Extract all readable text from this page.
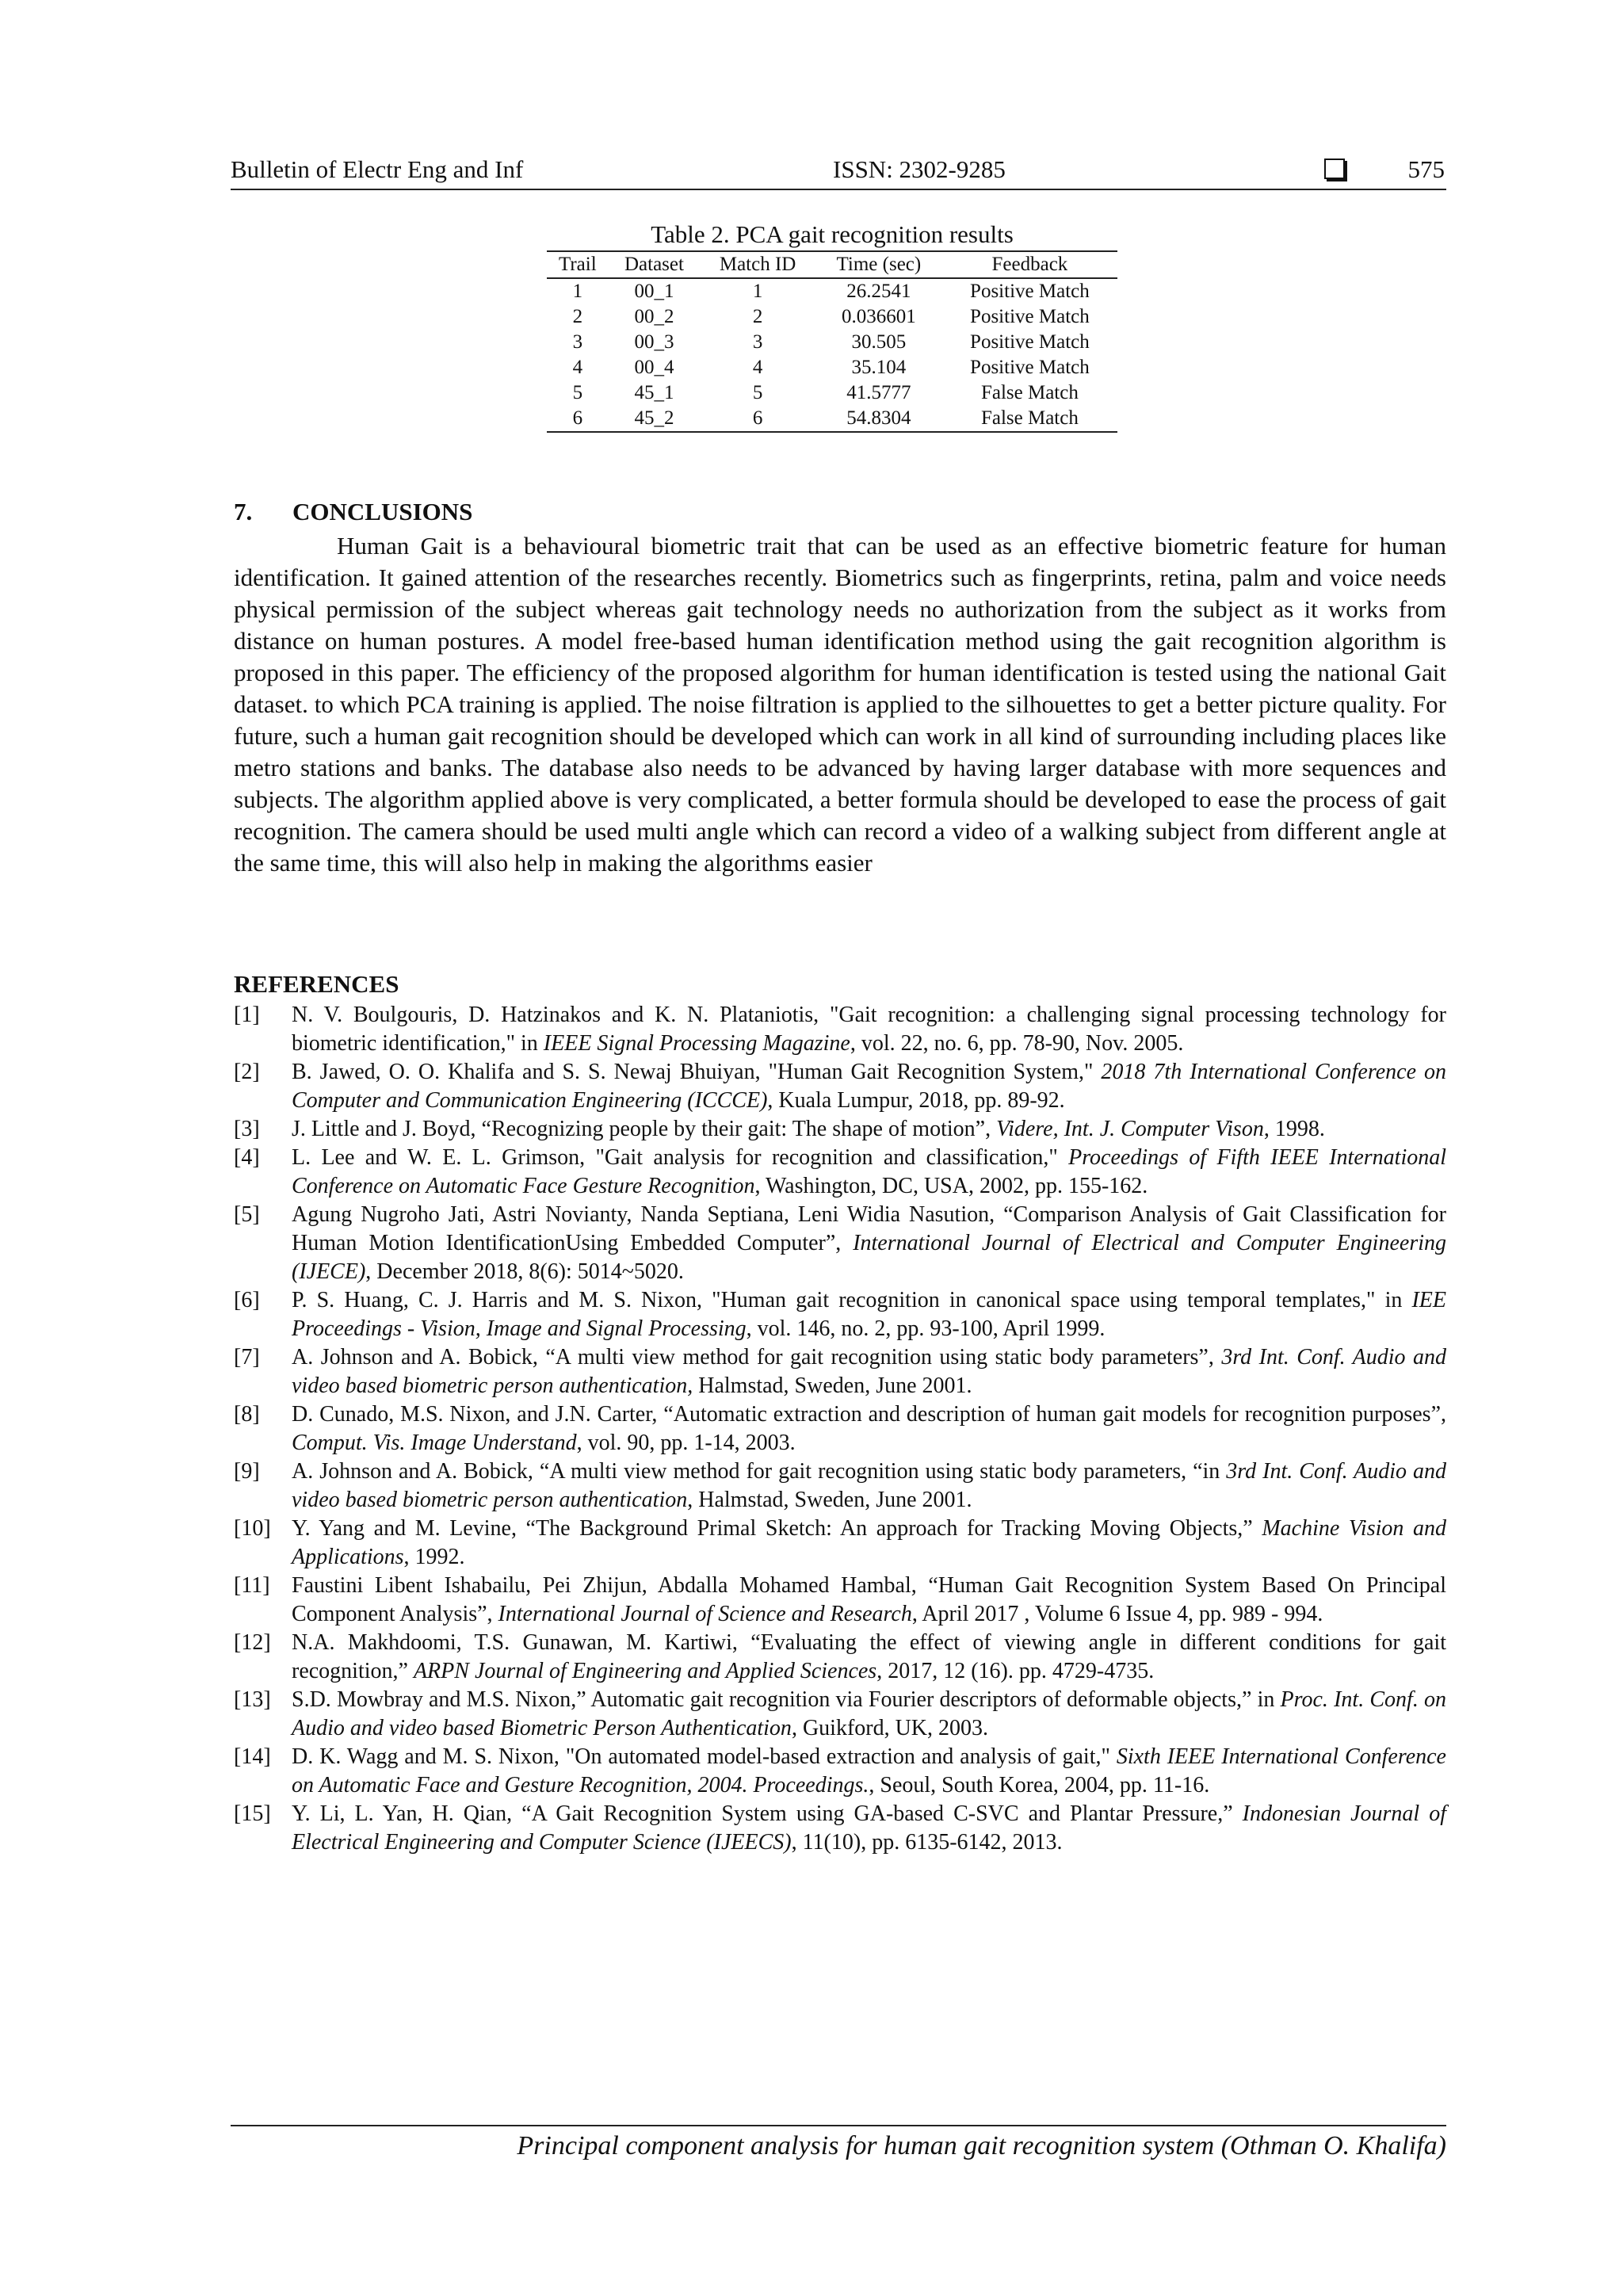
Bulletin of Electr Eng and Inf	ISSN: 2302-9285	575
Table 2. PCA gait recognition results
Trail	Dataset	Match ID	Time (sec)	Feedback
1	00_1	1	26.2541	Positive Match
2	00_2	2	0.036601	Positive Match
3	00_3	3	30.505	Positive Match
4	00_4	4	35.104	Positive Match
5	45_1	5	41.5777	False Match
6	45_2	6	54.8304	False Match
7. CONCLUSIONS

Human Gait is a behavioural biometric trait that can be used as an effective biometric feature for human identification. It gained attention of the researches recently. Biometrics such as fingerprints, retina, palm and voice needs physical permission of the subject whereas gait technology needs no authorization from the subject as it works from distance on human postures. A model free-based human identification method using the gait recognition algorithm is proposed in this paper. The efficiency of the proposed algorithm for human identification is tested using the national Gait dataset. to which PCA training is applied. The noise filtration is applied to the silhouettes to get a better picture quality. For future, such a human gait recognition should be developed which can work in all kind of surrounding including places like metro stations and banks. The database also needs to be advanced by having larger database with more sequences and subjects. The algorithm applied above is very complicated, a better formula should be developed to ease the process of gait recognition. The camera should be used multi angle which can record a video of a walking subject from different angle at the same time, this will also help in making the algorithms easier

REFERENCES
[1] N. V. Boulgouris, D. Hatzinakos and K. N. Plataniotis, "Gait recognition: a challenging signal processing technology for biometric identification," in IEEE Signal Processing Magazine, vol. 22, no. 6, pp. 78-90, Nov. 2005.
[2] B. Jawed, O. O. Khalifa and S. S. Newaj Bhuiyan, "Human Gait Recognition System," 2018 7th International Conference on Computer and Communication Engineering (ICCCE), Kuala Lumpur, 2018, pp. 89-92.
[3] J. Little and J. Boyd, “Recognizing people by their gait: The shape of motion”, Videre, Int. J. Computer Vison, 1998.
[4] L. Lee and W. E. L. Grimson, "Gait analysis for recognition and classification," Proceedings of Fifth IEEE International Conference on Automatic Face Gesture Recognition, Washington, DC, USA, 2002, pp. 155-162.
[5] Agung Nugroho Jati, Astri Novianty, Nanda Septiana, Leni Widia Nasution, “Comparison Analysis of Gait Classification for Human Motion IdentificationUsing Embedded Computer”, International Journal of Electrical and Computer Engineering (IJECE), December 2018, 8(6): 5014~5020.
[6] P. S. Huang, C. J. Harris and M. S. Nixon, "Human gait recognition in canonical space using temporal templates," in IEE Proceedings - Vision, Image and Signal Processing, vol. 146, no. 2, pp. 93-100, April 1999.
[7] A. Johnson and A. Bobick, “A multi view method for gait recognition using static body parameters”, 3rd Int. Conf. Audio and video based biometric person authentication, Halmstad, Sweden, June 2001.
[8] D. Cunado, M.S. Nixon, and J.N. Carter, “Automatic extraction and description of human gait models for recognition purposes”, Comput. Vis. Image Understand, vol. 90, pp. 1-14, 2003.
[9] A. Johnson and A. Bobick, “A multi view method for gait recognition using static body parameters, “in 3rd Int. Conf. Audio and video based biometric person authentication, Halmstad, Sweden, June 2001.
[10] Y. Yang and M. Levine, “The Background Primal Sketch: An approach for Tracking Moving Objects,” Machine Vision and Applications, 1992.
[11] Faustini Libent Ishabailu, Pei Zhijun, Abdalla Mohamed Hambal, “Human Gait Recognition System Based On Principal Component Analysis”, International Journal of Science and Research, April 2017 , Volume 6 Issue 4, pp. 989 - 994.
[12] N.A. Makhdoomi, T.S. Gunawan, M. Kartiwi, “Evaluating the effect of viewing angle in different conditions for gait recognition,” ARPN Journal of Engineering and Applied Sciences, 2017, 12 (16). pp. 4729-4735.
[13] S.D. Mowbray and M.S. Nixon,” Automatic gait recognition via Fourier descriptors of deformable objects,” in Proc. Int. Conf. on Audio and video based Biometric Person Authentication, Guikford, UK, 2003.
[14] D. K. Wagg and M. S. Nixon, "On automated model-based extraction and analysis of gait," Sixth IEEE International Conference on Automatic Face and Gesture Recognition, 2004. Proceedings., Seoul, South Korea, 2004, pp. 11-16.
[15] Y. Li, L. Yan, H. Qian, “A Gait Recognition System using GA-based C-SVC and Plantar Pressure,” Indonesian Journal of Electrical Engineering and Computer Science (IJEECS), 11(10), pp. 6135-6142, 2013.
Principal component analysis for human gait recognition system (Othman O. Khalifa)
